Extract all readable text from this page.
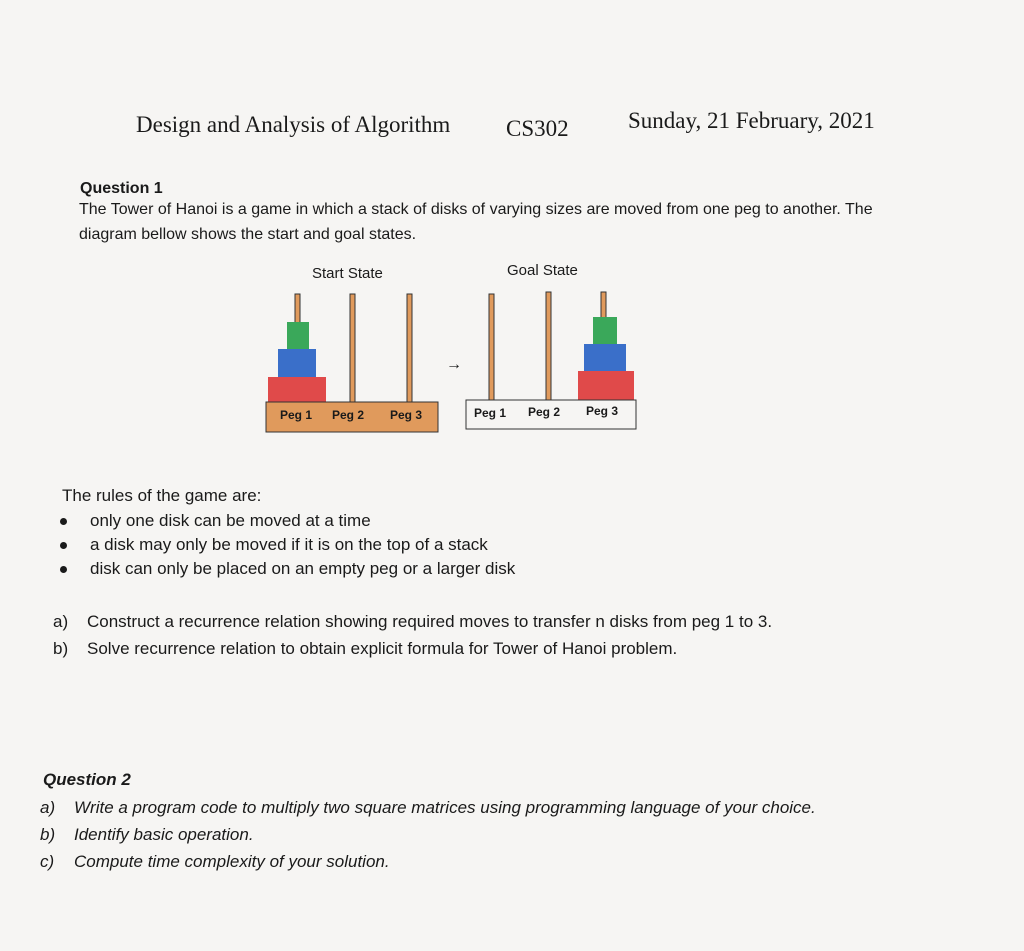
Design and Analysis of Algorithm CS302	Sunday, 21 February, 2021
Question 1
The Tower of Hanoi is a game in which a stack of disks of varying sizes are moved from one peg to another. The
diagram bellow shows the start and goal states.
Start State	Goal State
Peg 1 Peg 2 Peg 3
→
Peg 1 Peg 2 Peg 3
The rules of the game are:
only one disk can be moved at a time
a disk may only be moved if it is on the top of a stack
disk can only be placed on an empty peg or a larger disk
a) Construct a recurrence relation showing required moves to transfer n disks from peg 1 to 3.
b) Solve recurrence relation to obtain explicit formula for Tower of Hanoi problem.
Question 2
a) Write a program code to multiply two square matrices using programming language of your choice.
b) Identify basic operation.
c) Compute time complexity of your solution.
